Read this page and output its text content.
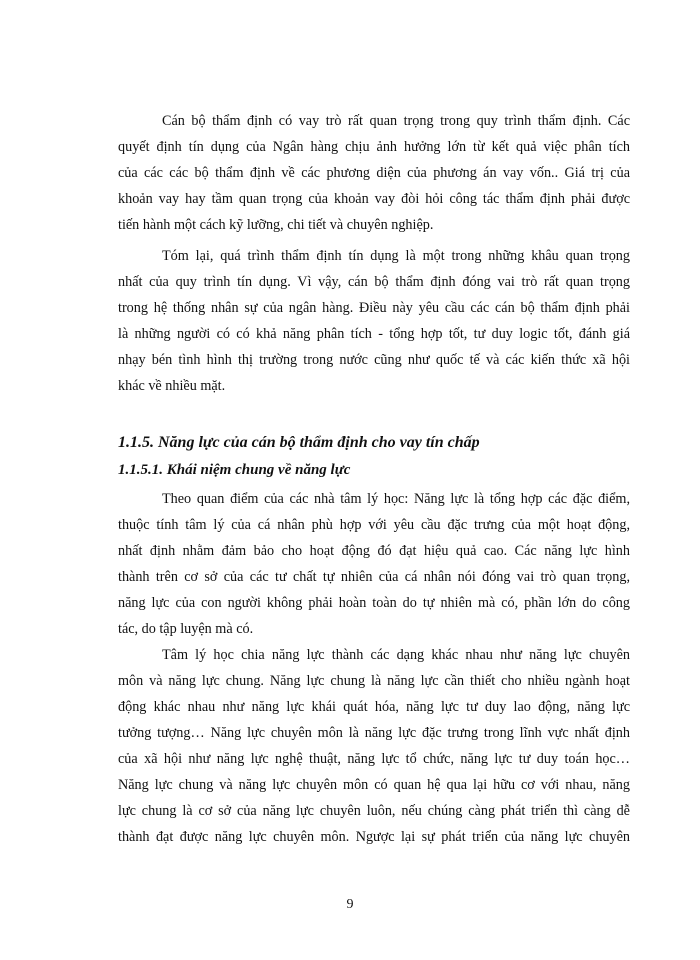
Cán bộ thẩm định có vay trò rất quan trọng trong quy trình thẩm định. Các
quyết định tín dụng của Ngân hàng chịu ảnh hưởng lớn từ kết quả việc phân tích
của các các bộ thẩm định về các phương diện của phương án vay vốn.. Giá trị của
khoản vay hay tầm quan trọng của khoản vay đòi hỏi công tác thẩm định phải được
tiến hành một cách kỹ lưỡng, chi tiết và chuyên nghiệp.
Tóm lại, quá trình thẩm định tín dụng là một trong những khâu quan trọng
nhất của quy trình tín dụng. Vì vậy, cán bộ thẩm định đóng vai trò rất quan trọng
trong hệ thống nhân sự của ngân hàng. Điều này yêu cầu các cán bộ thẩm định phải
là những người có có khả năng phân tích - tổng hợp tốt, tư duy logic tốt, đánh giá
nhạy bén tình hình thị trường trong nước cũng như quốc tế và các kiến thức xã hội
khác về nhiều mặt.
1.1.5. Năng lực của cán bộ thẩm định cho vay tín chấp
1.1.5.1. Khái niệm chung về năng lực
Theo quan điểm của các nhà tâm lý học: Năng lực là tổng hợp các đặc điểm,
thuộc tính tâm lý của cá nhân phù hợp với yêu cầu đặc trưng của một hoạt động,
nhất định nhằm đảm bảo cho hoạt động đó đạt hiệu quả cao. Các năng lực hình
thành trên cơ sở của các tư chất tự nhiên của cá nhân nói đóng vai trò quan trọng,
năng lực của con người không phải hoàn toàn do tự nhiên mà có, phần lớn do công
tác, do tập luyện mà có.
Tâm lý học chia năng lực thành các dạng khác nhau như năng lực chuyên
môn và năng lực chung. Năng lực chung là năng lực cần thiết cho nhiều ngành hoạt
động khác nhau như năng lực khái quát hóa, năng lực tư duy lao động, năng lực
tưởng tượng… Năng lực chuyên môn là năng lực đặc trưng trong lĩnh vực nhất định
của xã hội như năng lực nghệ thuật, năng lực tổ chức, năng lực tư duy toán học…
Năng lực chung và năng lực chuyên môn có quan hệ qua lại hữu cơ với nhau, năng
lực chung là cơ sở của năng lực chuyên luôn, nếu chúng càng phát triển thì càng dễ
thành đạt được năng lực chuyên môn. Ngược lại sự phát triển của năng lực chuyên
9
